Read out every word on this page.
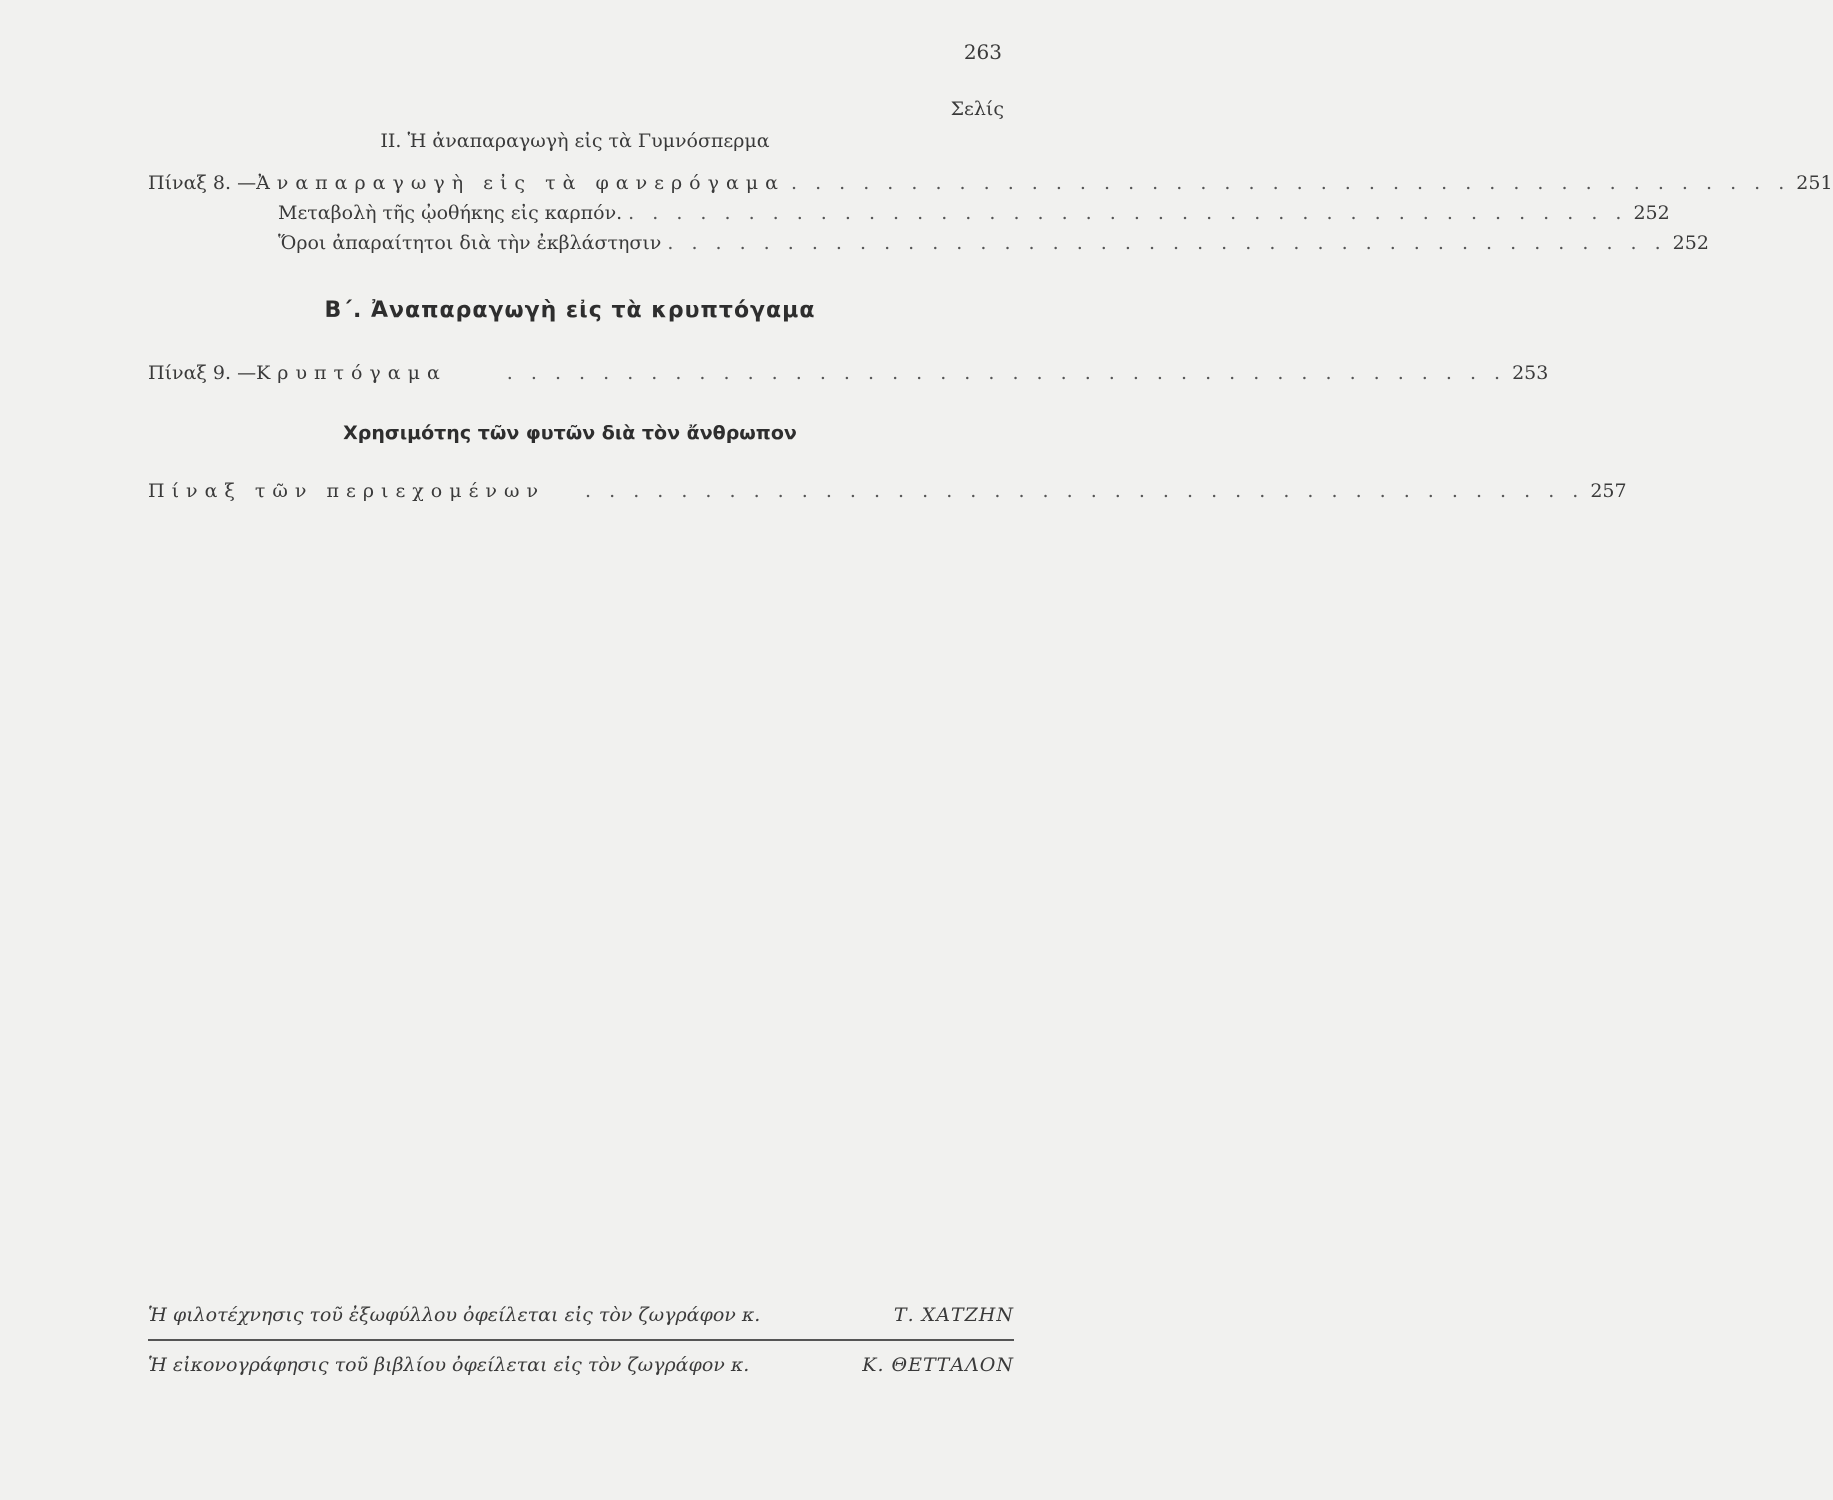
263
Σελίς
ΙΙ. Ἡ ἀναπαραγωγὴ εἰς τὰ Γυμνόσπερμα
Πίναξ 8. — Ἀναπαραγωγὴ εἰς τὰ φανερόγαμα . . . . . . . . . . . . . . . . . . . . . . . . . . . . . . . . . . . . . . . . . . 251
Μεταβολὴ τῆς ᾠοθήκης εἰς καρπόν. . . . . . . . . . . . . . . . . . . . . . . . . . . . . . . . . . . . . . . . . . . 252
Ὅροι ἀπαραίτητοι διὰ τὴν ἐκβλάστησιν . . . . . . . . . . . . . . . . . . . . . . . . . . . . . . . . . . . . . . . . . . 252
Β΄. Ἀναπαραγωγὴ εἰς τὰ κρυπτόγαμα
Πίναξ 9. — Κρυπτόγαμα	. . . . . . . . . . . . . . . . . . . . . . . . . . . . . . . . . . . . . . . . . . 253
Χρησιμότης τῶν φυτῶν διὰ τὸν ἄνθρωπον
Πίναξ τῶν περιεχομένων . . . . . . . . . . . . . . . . . . . . . . . . . . . . . . . . . . . . . . . . . . 257
Ἡ φιλοτέχνησις τοῦ ἐξωφύλλου ὀφείλεται εἰς τὸν ζωγράφον κ.	Τ. ΧΑΤΖΗΝ
Ἡ εἰκονογράφησις τοῦ βιβλίου ὀφείλεται εἰς τὸν ζωγράφον κ.	Κ. ΘΕΤΤΑΛΟΝ
